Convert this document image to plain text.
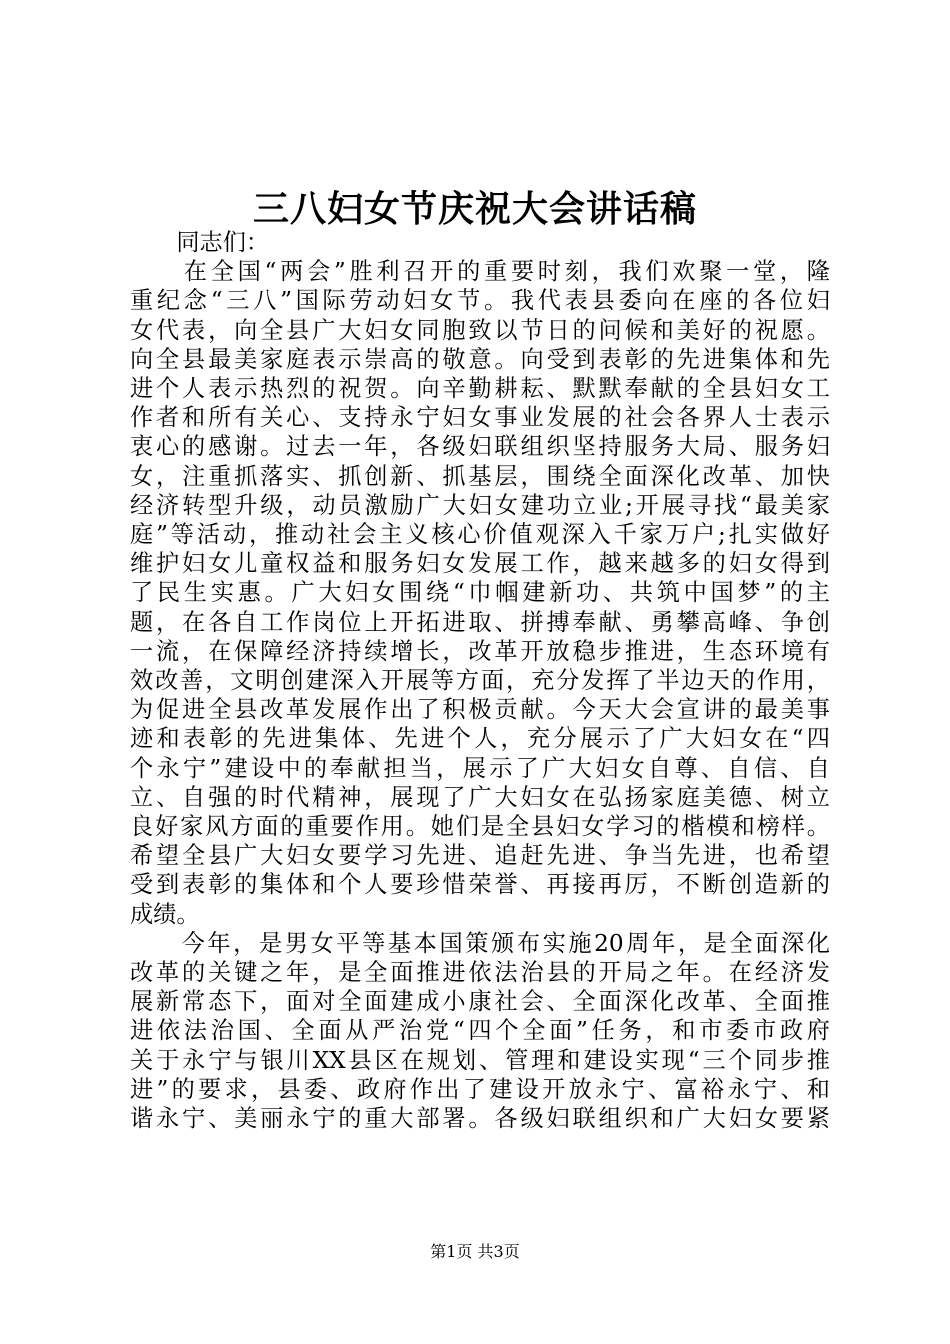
三八妇女节庆祝大会讲话稿
　　同志们：
　　在全国“两会”胜利召开的重要时刻，我们欢聚一堂，隆
重纪念“三八”国际劳动妇女节。我代表县委向在座的各位妇
女代表，向全县广大妇女同胞致以节日的问候和美好的祝愿。
向全县最美家庭表示崇高的敬意。向受到表彰的先进集体和先
进个人表示热烈的祝贺。向辛勤耕耘、默默奉献的全县妇女工
作者和所有关心、支持永宁妇女事业发展的社会各界人士表示
衷心的感谢。过去一年，各级妇联组织坚持服务大局、服务妇
女，注重抓落实、抓创新、抓基层，围绕全面深化改革、加快
经济转型升级，动员激励广大妇女建功立业;开展寻找“最美家
庭”等活动，推动社会主义核心价值观深入千家万户;扎实做好
维护妇女儿童权益和服务妇女发展工作，越来越多的妇女得到
了民生实惠。广大妇女围绕“巾帼建新功、共筑中国梦”的主
题，在各自工作岗位上开拓进取、拼搏奉献、勇攀高峰、争创
一流，在保障经济持续增长，改革开放稳步推进，生态环境有
效改善，文明创建深入开展等方面，充分发挥了半边天的作用，
为促进全县改革发展作出了积极贡献。今天大会宣讲的最美事
迹和表彰的先进集体、先进个人，充分展示了广大妇女在“四
个永宁”建设中的奉献担当，展示了广大妇女自尊、自信、自
立、自强的时代精神，展现了广大妇女在弘扬家庭美德、树立
良好家风方面的重要作用。她们是全县妇女学习的楷模和榜样。
希望全县广大妇女要学习先进、追赶先进、争当先进，也希望
受到表彰的集体和个人要珍惜荣誉、再接再厉，不断创造新的
成绩。
　　今年，是男女平等基本国策颁布实施20周年，是全面深化
改革的关键之年，是全面推进依法治县的开局之年。在经济发
展新常态下，面对全面建成小康社会、全面深化改革、全面推
进依法治国、全面从严治党“四个全面”任务，和市委市政府
关于永宁与银川XX县区在规划、管理和建设实现“三个同步推
进”的要求，县委、政府作出了建设开放永宁、富裕永宁、和
谐永宁、美丽永宁的重大部署。各级妇联组织和广大妇女要紧
第1页 共3页
